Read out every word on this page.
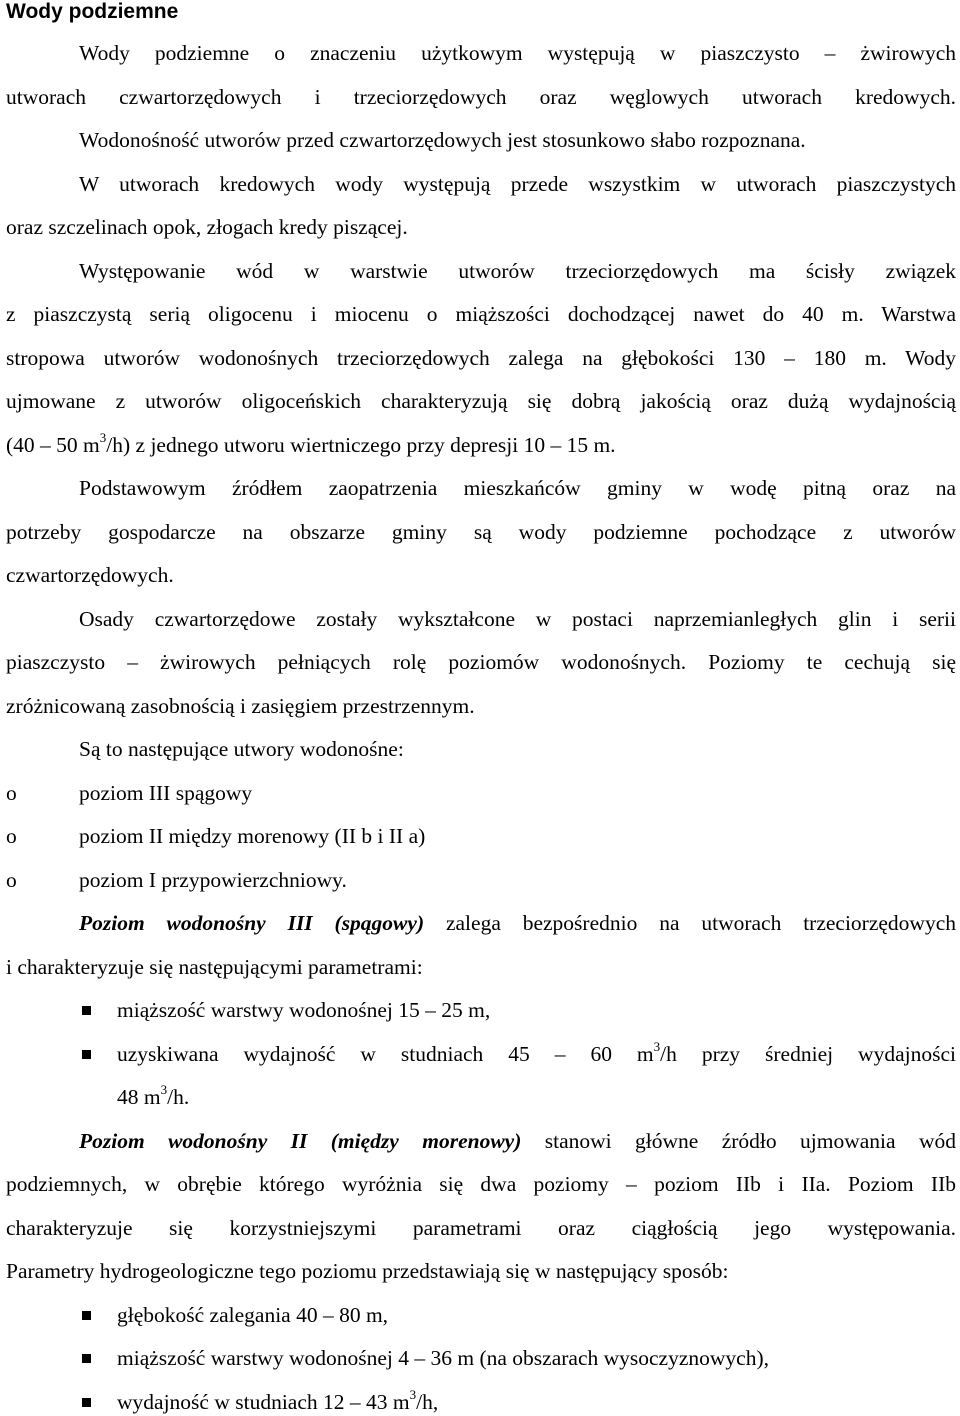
Wody podziemne
Wody podziemne o znaczeniu użytkowym występują w piaszczysto – żwirowych
utworach czwartorzędowych i trzeciorzędowych oraz węglowych utworach kredowych.
Wodonośność utworów przed czwartorzędowych jest stosunkowo słabo rozpoznana.
W utworach kredowych wody występują przede wszystkim w utworach piaszczystych
oraz szczelinach opok, złogach kredy piszącej.
Występowanie wód w warstwie utworów trzeciorzędowych ma ścisły związek
z piaszczystą serią oligocenu i miocenu o miąższości dochodzącej nawet do 40 m. Warstwa
stropowa utworów wodonośnych trzeciorzędowych zalega na głębokości 130 – 180 m. Wody
ujmowane z utworów oligoceńskich charakteryzują się dobrą jakością oraz dużą wydajnością
(40 – 50 $m^3/h$) z jednego utworu wiertniczego przy depresji 10 – 15 m.
Podstawowym źródłem zaopatrzenia mieszkańców gminy w wodę pitną oraz na
potrzeby gospodarcze na obszarze gminy są wody podziemne pochodzące z utworów
czwartorzędowych.
Osady czwartorzędowe zostały wykształcone w postaci naprzemianległych glin i serii
piaszczysto – żwirowych pełniących rolę poziomów wodonośnych. Poziomy te cechują się
zróżnicowaną zasobnością i zasięgiem przestrzennym.
Są to następujące utwory wodonośne:
o	poziom III spągowy
o	poziom II między morenowy (II b i II a)
o	poziom I przypowierzchniowy.
Poziom wodonośny III (spągowy) zalega bezpośrednio na utworach trzeciorzędowych
i charakteryzuje się następującymi parametrami:
miąższość warstwy wodonośnej 15 – 25 m,
uzyskiwana wydajność w studniach 45 – 60 $m^3/h$ przy średniej wydajności
48 $m^3/h$.
Poziom wodonośny II (między morenowy) stanowi główne źródło ujmowania wód
podziemnych, w obrębie którego wyróżnia się dwa poziomy – poziom IIb i IIa. Poziom IIb
charakteryzuje się korzystniejszymi parametrami oraz ciągłością jego występowania.
Parametry hydrogeologiczne tego poziomu przedstawiają się w następujący sposób:
głębokość zalegania 40 – 80 m,
miąższość warstwy wodonośnej 4 – 36 m (na obszarach wysoczyznowych),
wydajność w studniach 12 – 43 $m^3/h$,
